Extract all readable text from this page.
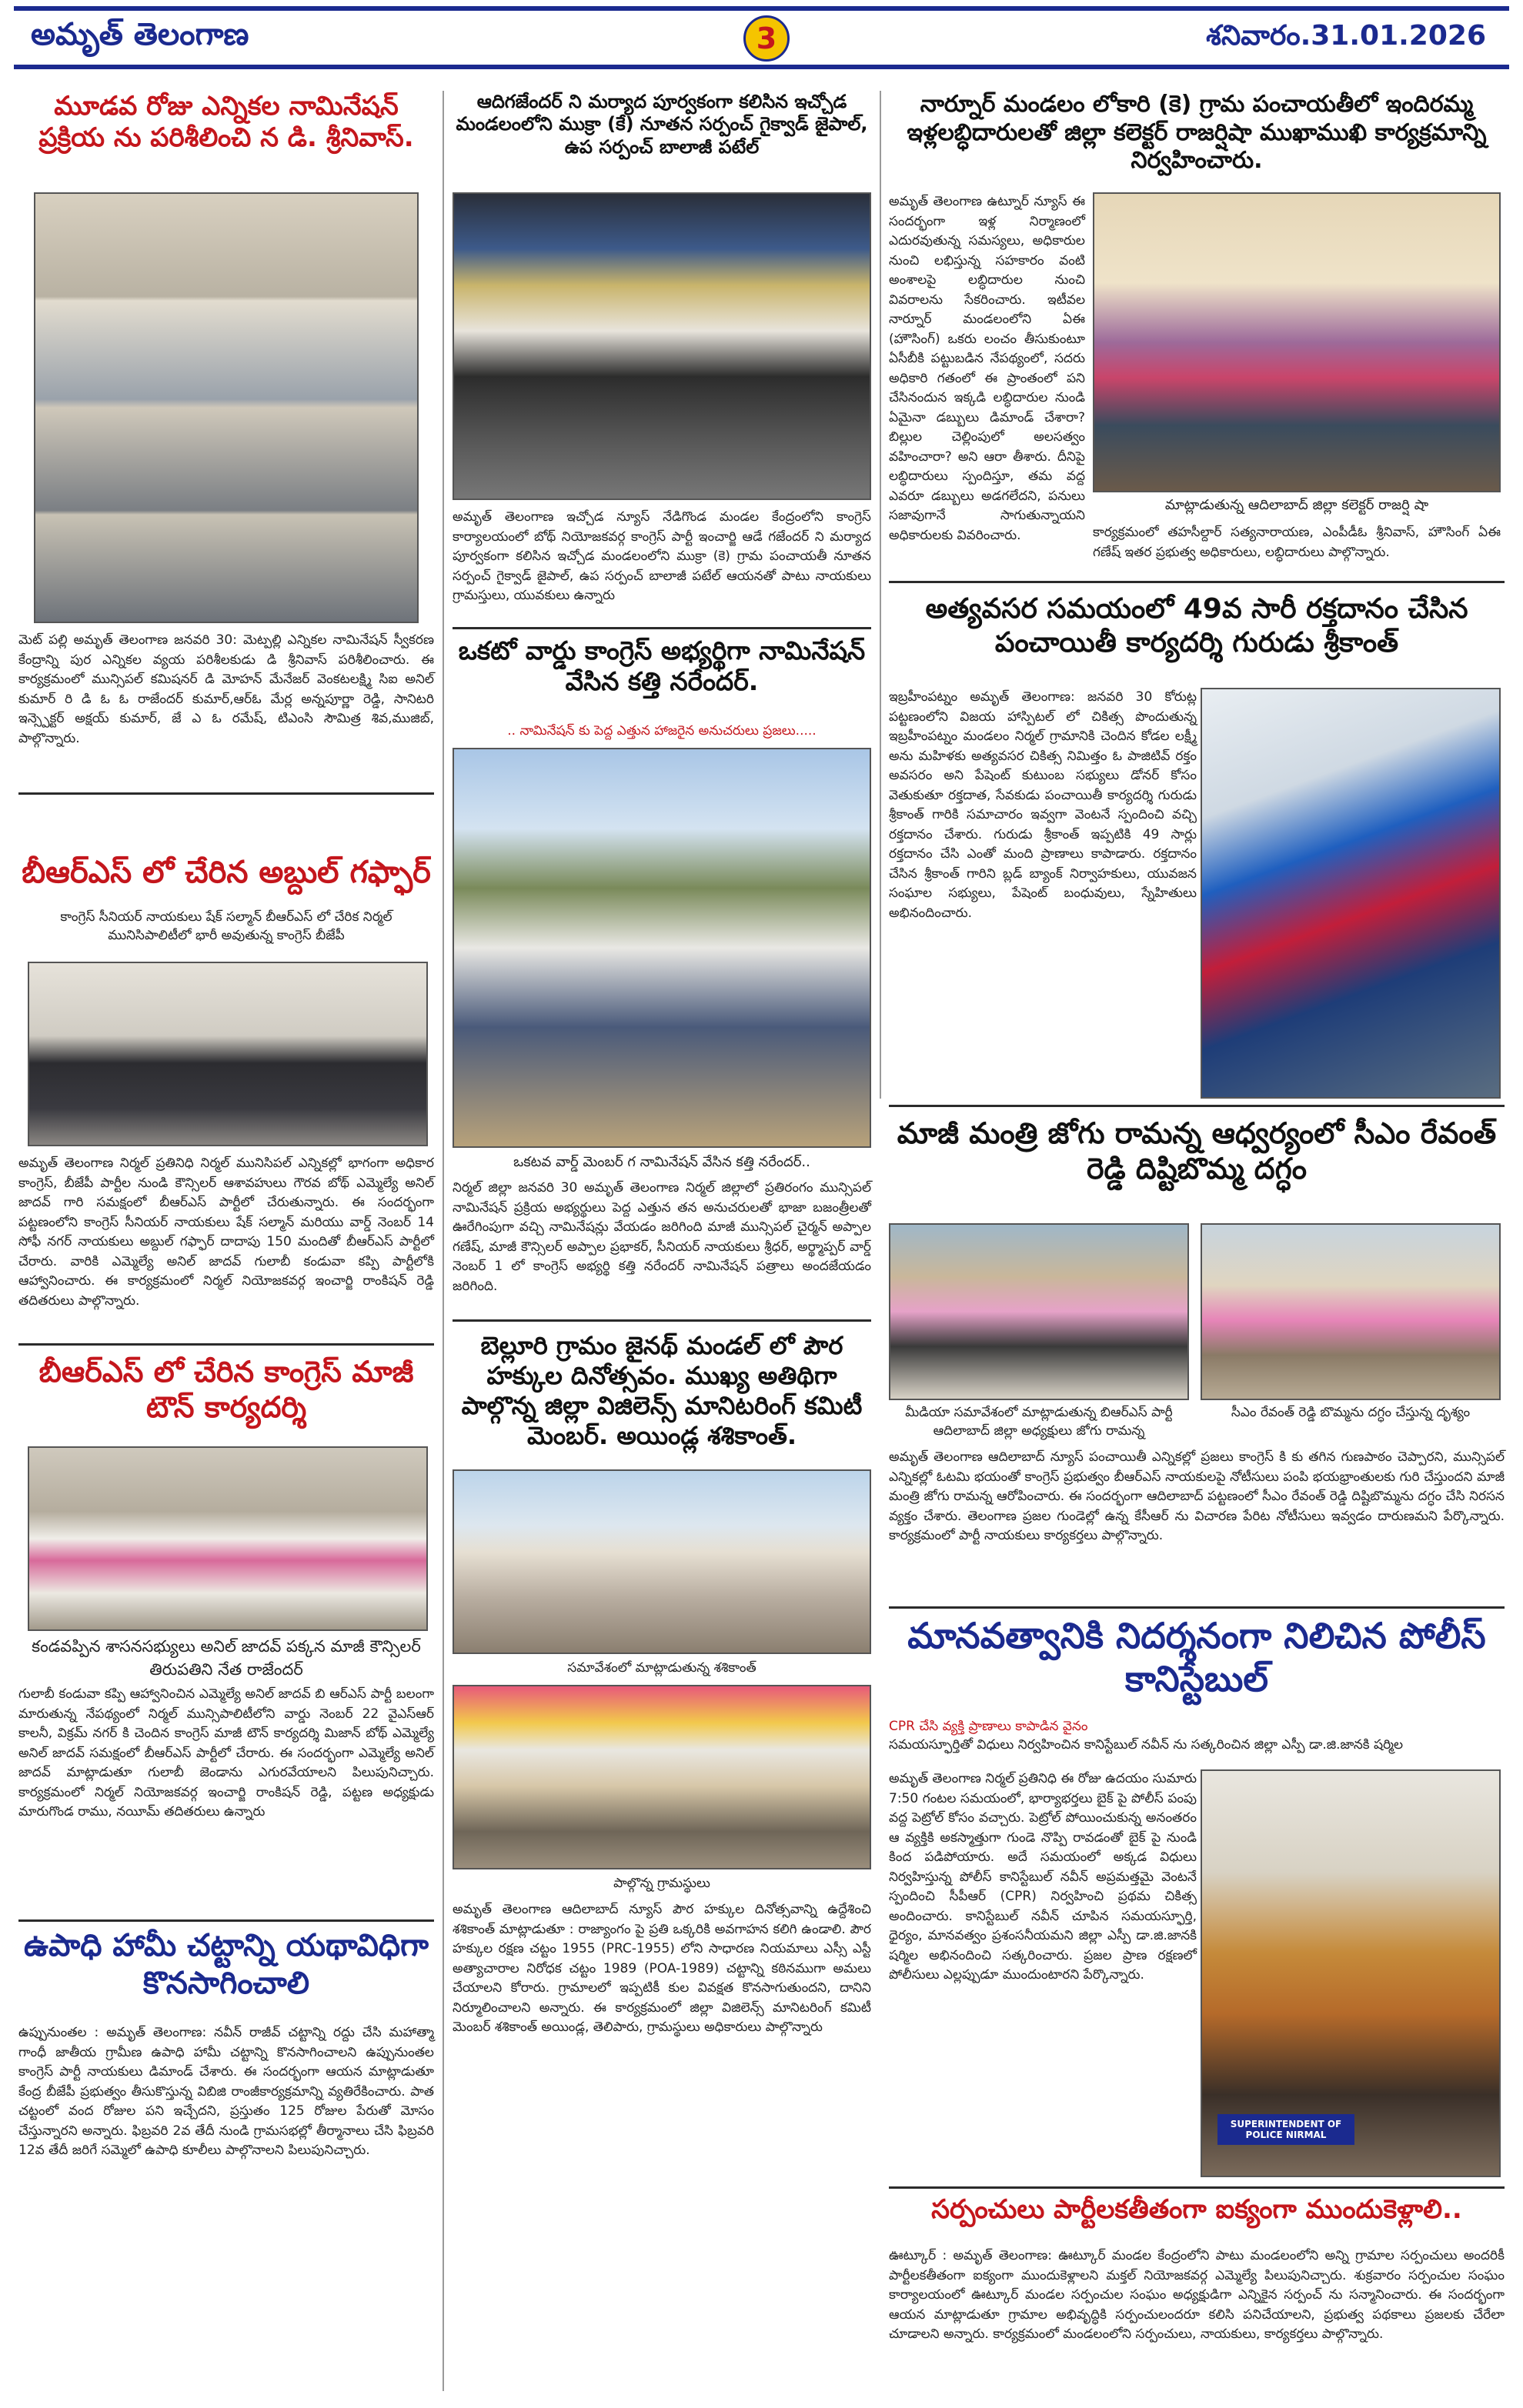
అమృత్ తెలంగాణ	3	శనివారం.31.01.2026
మూడవ రోజు ఎన్నికల నామినేషన్ ప్రక్రియ ను పరిశీలించి న డి. శ్రీనివాస్.
మెట్ పల్లి అమృత్ తెలంగాణ జనవరి 30: మెట్పల్లి ఎన్నికల నామినేషన్ స్వీకరణ కేంద్రాన్ని పుర ఎన్నికల వ్యయ పరిశీలకుడు డి శ్రీనివాస్ పరిశీలించారు. ఈ కార్యక్రమంలో మున్సిపల్ కమిషనర్ డి మోహన్ మేనేజర్ వెంకటలక్ష్మి సిఐ అనిల్ కుమార్ రి డి ఓ ఓ రాజేందర్ కుమార్,ఆర్ఓ మేర్ల అన్నపూర్ణా రెడ్డి, సానిటరి ఇన్స్పెక్టర్ అక్షయ్ కుమార్, జే ఎ ఓ రమేష్, టిఎంసి సౌమిత్ర శివ,ముజిబ్, పాల్గొన్నారు.
బీఆర్ఎస్ లో చేరిన అబ్దుల్ గఫ్ఫార్
కాంగ్రెస్ సీనియర్ నాయకులు షేక్ సల్మాన్ బీఆర్ఎస్ లో చేరిక నిర్మల్ మునిసిపాలిటీలో భారీ అవుతున్న కాంగ్రెస్ బీజేపీ
అమృత్ తెలంగాణ నిర్మల్ ప్రతినిధి నిర్మల్ మునిసిపల్ ఎన్నికల్లో భాగంగా అధికార కాంగ్రెస్, బీజేపీ పార్టీల నుండి కౌన్సిలర్ ఆశావహులు గౌరవ బోథ్ ఎమ్మెల్యే అనిల్ జాదవ్ గారి సమక్షంలో బీఆర్ఎస్ పార్టీలో చేరుతున్నారు. ఈ సందర్భంగా పట్టణంలోని కాంగ్రెస్ సీనియర్ నాయకులు షేక్ సల్మాన్ మరియు వార్డ్ నెంబర్ 14 సోఫీ నగర్ నాయకులు అబ్దుల్ గఫ్ఫార్ దాదాపు 150 మందితో బీఆర్ఎస్ పార్టీలో చేరారు. వారికి ఎమ్మెల్యే అనిల్ జాదవ్ గులాబీ కండువా కప్పి పార్టీలోకి ఆహ్వానించారు. ఈ కార్యక్రమంలో నిర్మల్ నియోజకవర్గ ఇంచార్జి రాంకిషన్ రెడ్డి తదితరులు పాల్గొన్నారు.
బీఆర్ఎస్ లో చేరిన కాంగ్రెస్ మాజీ టౌన్ కార్యదర్శి
కండవప్పిన శాసనసభ్యులు అనిల్ జాదవ్ పక్కన మాజీ కౌన్సిలర్ తిరుపతిని నేత రాజేందర్
గులాబీ కండువా కప్పి ఆహ్వానించిన ఎమ్మెల్యే అనిల్ జాదవ్ బి ఆర్ఎస్ పార్టీ బలంగా మారుతున్న నేపథ్యంలో నిర్మల్ మున్సిపాలిటీలోని వార్డు నెంబర్ 22 వైఎస్ఆర్ కాలనీ, విక్రమ్ నగర్ కి చెందిన కాంగ్రెస్ మాజీ టౌన్ కార్యదర్శి మిజాన్ బోథ్ ఎమ్మెల్యే అనిల్ జాదవ్ సమక్షంలో బీఆర్ఎస్ పార్టీలో చేరారు. ఈ సందర్భంగా ఎమ్మెల్యే అనిల్ జాదవ్ మాట్లాడుతూ గులాబీ జెండాను ఎగురవేయాలని పిలుపునిచ్చారు. కార్యక్రమంలో నిర్మల్ నియోజకవర్గ ఇంచార్జి రాంకిషన్ రెడ్డి, పట్టణ అధ్యక్షుడు మారుగొండ రాము, నయీమ్ తదితరులు ఉన్నారు
ఉపాధి హామీ చట్టాన్ని యథావిధిగా కొనసాగించాలి
ఉప్పునుంతల : అమృత్ తెలంగాణ: నవీన్ రాజీవ్ చట్టాన్ని రద్దు చేసి మహాత్మా గాంధీ జాతీయ గ్రామీణ ఉపాధి హామీ చట్టాన్ని కొనసాగించాలని ఉప్పునుంతల కాంగ్రెస్ పార్టీ నాయకులు డిమాండ్ చేశారు. ఈ సందర్భంగా ఆయన మాట్లాడుతూ కేంద్ర బీజేపీ ప్రభుత్వం తీసుకొస్తున్న విబిజి రాంజీకార్యక్రమాన్ని వ్యతిరేకించారు. పాత చట్టంలో వంద రోజుల పని ఇచ్చేదని, ప్రస్తుతం 125 రోజుల పేరుతో మోసం చేస్తున్నారని అన్నారు. ఫిబ్రవరి 2వ తేదీ నుండి గ్రామసభల్లో తీర్మానాలు చేసి ఫిబ్రవరి 12వ తేదీ జరిగే సమ్మెలో ఉపాధి కూలీలు పాల్గొనాలని పిలుపునిచ్చారు.
ఆదిగజేందర్ ని మర్యాద పూర్వకంగా కలిసిన ఇచ్చోడ మండలంలోని ముక్రా (కే) నూతన సర్పంచ్ గైక్వాడ్ జైపాల్, ఉప సర్పంచ్ బాలాజీ పటేల్
అమృత్ తెలంగాణ ఇచ్చోడ న్యూస్ నేడిగొండ మండల కేంద్రంలోని కాంగ్రెస్ కార్యాలయంలో బోథ్ నియోజకవర్గ కాంగ్రెస్ పార్టీ ఇంచార్జి ఆడే గజేందర్ ని మర్యాద పూర్వకంగా కలిసిన ఇచ్చోడ మండలంలోని ముక్రా (కె) గ్రామ పంచాయతీ నూతన సర్పంచ్ గైక్వాడ్ జైపాల్, ఉప సర్పంచ్ బాలాజీ పటేల్ ఆయనతో పాటు నాయకులు గ్రామస్తులు, యువకులు ఉన్నారు
ఒకటో వార్డు కాంగ్రెస్ అభ్యర్థిగా నామినేషన్ వేసిన కత్తి నరేందర్.
.. నామినేషన్ కు పెద్ద ఎత్తున హాజరైన అనుచరులు ప్రజలు.....
ఒకటవ వార్డ్ మెంబర్ గ నామినేషన్ వేసిన కత్తి నరేందర్..
నిర్మల్ జిల్లా జనవరి 30 అమృత్ తెలంగాణ నిర్మల్ జిల్లాలో ప్రతిరంగం మున్సిపల్ నామినేషన్ ప్రక్రియ అభ్యర్థులు పెద్ద ఎత్తున తన అనుచరులతో భాజా బజంత్రీలతో ఊరేగింపుగా వచ్చి నామినేషన్లు వేయడం జరిగింది మాజీ మున్సిపల్ చైర్మన్ అప్పాల గణేష్, మాజీ కౌన్సిలర్ అప్పాల ప్రభాకర్, సీనియర్ నాయకులు శ్రీధర్, అర్థ్మాప్పర్ వార్డ్ నెంబర్ 1 లో కాంగ్రెస్ అభ్యర్థి కత్తి నరేందర్ నామినేషన్ పత్రాలు అందజేయడం జరిగింది.
బెల్లూరి గ్రామం జైనథ్ మండల్ లో పౌర హక్కుల దినోత్సవం. ముఖ్య అతిథిగా పాల్గొన్న జిల్లా విజిలెన్స్ మానిటరింగ్ కమిటీ మెంబర్. అయిండ్ల శశికాంత్.
సమావేశంలో మాట్లాడుతున్న శశికాంత్
పాల్గొన్న గ్రామస్థులు
అమృత్ తెలంగాణ ఆదిలాబాద్ న్యూస్ పౌర హక్కుల దినోత్సవాన్ని ఉద్దేశించి శశికాంత్ మాట్లాడుతూ : రాజ్యాంగం పై ప్రతి ఒక్కరికి అవగాహన కలిగి ఉండాలి. పౌర హక్కుల రక్షణ చట్టం 1955 (PRC-1955) లోని సాధారణ నియమాలు ఎస్సీ ఎస్టీ అత్యాచారాల నిరోధక చట్టం 1989 (POA-1989) చట్టాన్ని కఠినముగా అమలు చేయాలని కోరారు. గ్రామాలలో ఇప్పటికీ కుల వివక్షత కొనసాగుతుందని, దానిని నిర్మూలించాలని అన్నారు. ఈ కార్యక్రమంలో జిల్లా విజిలెన్స్ మానిటరింగ్ కమిటీ మెంబర్ శశికాంత్ అయిండ్ల, తెలిపారు, గ్రామస్థులు అధికారులు పాల్గొన్నారు
నార్నూర్ మండలం లోకారి (కె) గ్రామ పంచాయతీలో ఇందిరమ్మ ఇళ్లలబ్ధిదారులతో జిల్లా కలెక్టర్ రాజర్షిషా ముఖాముఖి కార్యక్రమాన్ని నిర్వహించారు.
అమృత్ తెలంగాణ ఉట్నూర్ న్యూస్ ఈ సందర్భంగా ఇళ్ల నిర్మాణంలో ఎదురవుతున్న సమస్యలు, అధికారుల నుంచి లభిస్తున్న సహకారం వంటి అంశాలపై లబ్ధిదారుల నుంచి వివరాలను సేకరించారు. ఇటీవల నార్నూర్ మండలంలోని ఏఈ (హౌసింగ్) ఒకరు లంచం తీసుకుంటూ ఏసీబీకి పట్టుబడిన నేపథ్యంలో, సదరు అధికారి గతంలో ఈ ప్రాంతంలో పని చేసినందున ఇక్కడి లబ్ధిదారుల నుండి ఏమైనా డబ్బులు డిమాండ్ చేశారా? బిల్లుల చెల్లింపులో అలసత్వం వహించారా? అని ఆరా తీశారు. దీనిపై లబ్ధిదారులు స్పందిస్తూ, తమ వద్ద ఎవరూ డబ్బులు అడగలేదని, పనులు సజావుగానే సాగుతున్నాయని అధికారులకు వివరించారు.
మాట్లాడుతున్న ఆదిలాబాద్ జిల్లా కలెక్టర్ రాజర్షి షా
కార్యక్రమంలో తహసీల్దార్ సత్యనారాయణ, ఎంపీడీఓ శ్రీనివాస్, హౌసింగ్ ఏఈ గణేష్ ఇతర ప్రభుత్వ అధికారులు, లబ్ధిదారులు పాల్గొన్నారు.
అత్యవసర సమయంలో 49వ సారీ రక్తదానం చేసిన పంచాయితీ కార్యదర్శి గురుడు శ్రీకాంత్
ఇబ్రహీంపట్నం అమృత్ తెలంగాణ: జనవరి 30 కోరుట్ల పట్టణంలోని విజయ హాస్పిటల్ లో చికిత్స పొందుతున్న ఇబ్రహీంపట్నం మండలం నిర్మల్ గ్రామానికి చెందిన కోడల లక్ష్మీ అను మహిళకు అత్యవసర చికిత్స నిమిత్తం ఓ పాజిటివ్ రక్తం అవసరం అని పేషెంట్ కుటుంబ సభ్యులు డోనర్ కోసం వెతుకుతూ రక్తదాత, సేవకుడు పంచాయితీ కార్యదర్శి గురుడు శ్రీకాంత్ గారికి సమాచారం ఇవ్వగా వెంటనే స్పందించి వచ్చి రక్తదానం చేశారు. గురుడు శ్రీకాంత్ ఇప్పటికి 49 సార్లు రక్తదానం చేసి ఎంతో మంది ప్రాణాలు కాపాడారు. రక్తదానం చేసిన శ్రీకాంత్ గారిని బ్లడ్ బ్యాంక్ నిర్వాహకులు, యువజన సంఘాల సభ్యులు, పేషెంట్ బంధువులు, స్నేహితులు అభినందించారు.
మాజీ మంత్రి జోగు రామన్న ఆధ్వర్యంలో సీఎం రేవంత్ రెడ్డి దిష్టిబొమ్మ దగ్ధం
మీడియా సమావేశంలో మాట్లాడుతున్న బిఆర్ఎస్ పార్టీ ఆదిలాబాద్ జిల్లా అధ్యక్షులు జోగు రామన్న
సీఎం రేవంత్ రెడ్డి బొమ్మను దగ్ధం చేస్తున్న దృశ్యం
అమృత్ తెలంగాణ ఆదిలాబాద్ న్యూస్ పంచాయితీ ఎన్నికల్లో ప్రజలు కాంగ్రెస్ కి కు తగిన గుణపాఠం చెప్పారని, మున్సిపల్ ఎన్నికల్లో ఓటమి భయంతో కాంగ్రెస్ ప్రభుత్వం బీఆర్ఎస్ నాయకులపై నోటీసులు పంపి భయభ్రాంతులకు గురి చేస్తుందని మాజీ మంత్రి జోగు రామన్న ఆరోపించారు. ఈ సందర్భంగా ఆదిలాబాద్ పట్టణంలో సీఎం రేవంత్ రెడ్డి దిష్టిబొమ్మను దగ్ధం చేసి నిరసన వ్యక్తం చేశారు. తెలంగాణ ప్రజల గుండెల్లో ఉన్న కేసీఆర్ ను విచారణ పేరిట నోటీసులు ఇవ్వడం దారుణమని పేర్కొన్నారు. కార్యక్రమంలో పార్టీ నాయకులు కార్యకర్తలు పాల్గొన్నారు.
మానవత్వానికి నిదర్శనంగా నిలిచిన పోలీస్ కానిస్టేబుల్
CPR చేసి వ్యక్తి ప్రాణాలు కాపాడిన వైనం
సమయస్ఫూర్తితో విధులు నిర్వహించిన కానిస్టేబుల్ నవీన్ ను సత్కరించిన జిల్లా ఎస్పీ డా.జి.జానకి షర్మిల
అమృత్ తెలంగాణ నిర్మల్ ప్రతినిధి ఈ రోజు ఉదయం సుమారు 7:50 గంటల సమయంలో, భార్యాభర్తలు బైక్ పై పోలీస్ పంపు వద్ద పెట్రోల్ కోసం వచ్చారు. పెట్రోల్ పోయించుకున్న అనంతరం ఆ వ్యక్తికి అకస్మాత్తుగా గుండె నొప్పి రావడంతో బైక్ పై నుండి కింద పడిపోయారు. అదే సమయంలో అక్కడ విధులు నిర్వహిస్తున్న పోలీస్ కానిస్టేబుల్ నవీన్ అప్రమత్తమై వెంటనే స్పందించి సీపీఆర్ (CPR) నిర్వహించి ప్రథమ చికిత్స అందించారు. కానిస్టేబుల్ నవీన్ చూపిన సమయస్ఫూర్తి, ధైర్యం, మానవత్వం ప్రశంసనీయమని జిల్లా ఎస్పీ డా.జి.జానకి షర్మిల అభినందించి సత్కరించారు. ప్రజల ప్రాణ రక్షణలో పోలీసులు ఎల్లప్పుడూ ముందుంటారని పేర్కొన్నారు.
SUPERINTENDENT OF POLICE NIRMAL
సర్పంచులు పార్టీలకతీతంగా ఐక్యంగా ముందుకెళ్లాలి..
ఊట్కూర్ : అమృత్ తెలంగాణ: ఊట్కూర్ మండల కేంద్రంలోని పాటు మండలంలోని అన్ని గ్రామాల సర్పంచులు అందరికీ పార్టీలకతీతంగా ఐక్యంగా ముందుకెళ్లాలని మక్తల్ నియోజకవర్గ ఎమ్మెల్యే పిలుపునిచ్చారు. శుక్రవారం సర్పంచుల సంఘం కార్యాలయంలో ఊట్కూర్ మండల సర్పంచుల సంఘం అధ్యక్షుడిగా ఎన్నికైన సర్పంచ్ ను సన్మానించారు. ఈ సందర్భంగా ఆయన మాట్లాడుతూ గ్రామాల అభివృద్ధికి సర్పంచులందరూ కలిసి పనిచేయాలని, ప్రభుత్వ పథకాలు ప్రజలకు చేరేలా చూడాలని అన్నారు. కార్యక్రమంలో మండలంలోని సర్పంచులు, నాయకులు, కార్యకర్తలు పాల్గొన్నారు.
